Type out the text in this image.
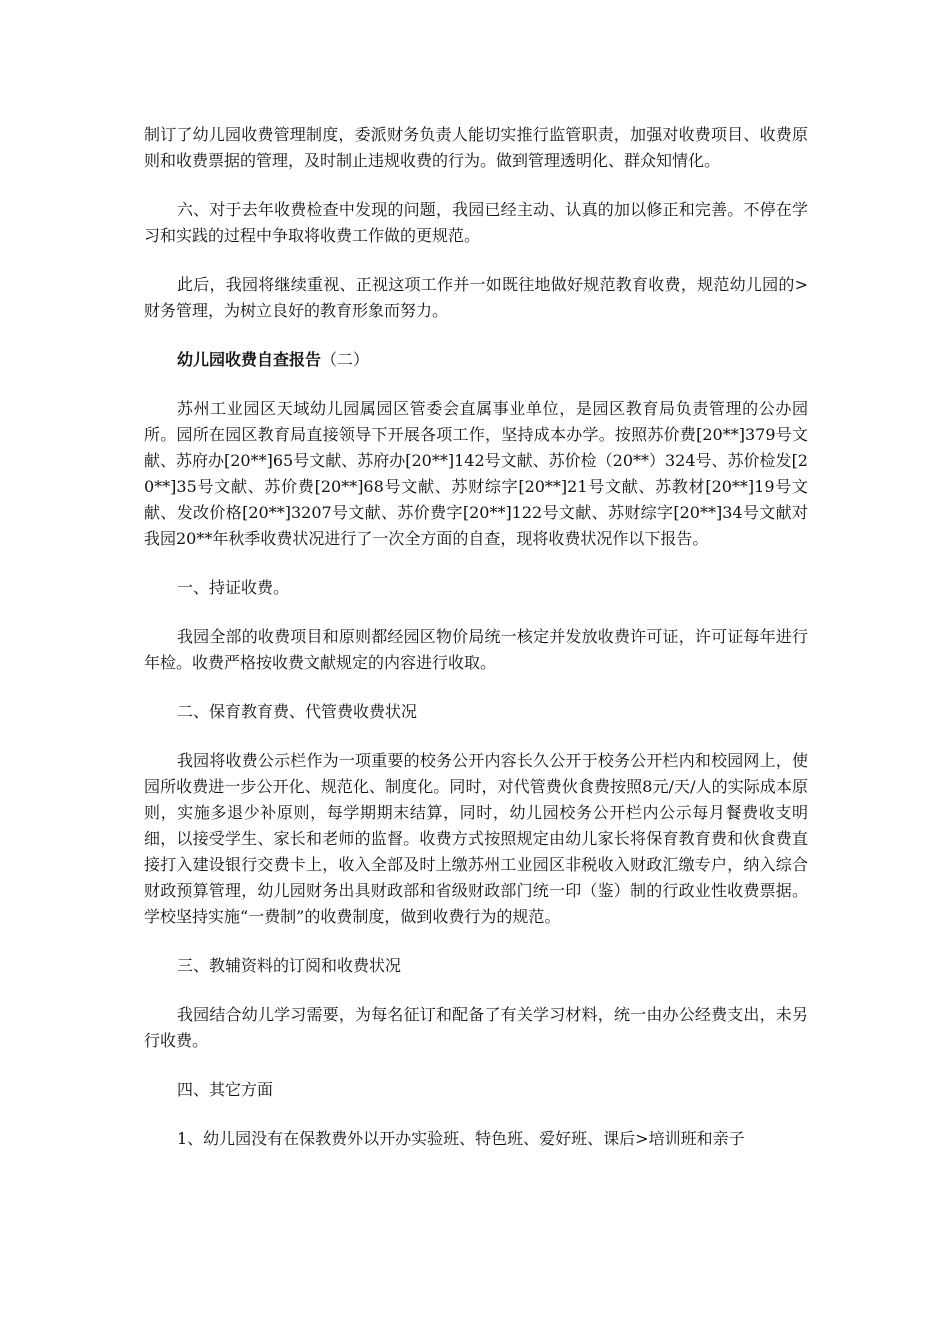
制订了幼儿园收费管理制度，委派财务负责人能切实推行监管职责，加强对收费项目、收费原则和收费票据的管理，及时制止违规收费的行为。做到管理透明化、群众知情化。

六、对于去年收费检查中发现的问题，我园已经主动、认真的加以修正和完善。不停在学习和实践的过程中争取将收费工作做的更规范。

此后，我园将继续重视、正视这项工作并一如既往地做好规范教育收费，规范幼儿园的>财务管理，为树立良好的教育形象而努力。

幼儿园收费自查报告（二）

苏州工业园区天域幼儿园属园区管委会直属事业单位，是园区教育局负责管理的公办园所。园所在园区教育局直接领导下开展各项工作，坚持成本办学。按照苏价费[20**]379号文献、苏府办[20**]65号文献、苏府办[20**]142号文献、苏价检（20**）324号、苏价检发[20**]35号文献、苏价费[20**]68号文献、苏财综字[20**]21号文献、苏教材[20**]19号文献、发改价格[20**]3207号文献、苏价费字[20**]122号文献、苏财综字[20**]34号文献对我园20**年秋季收费状况进行了一次全方面的自查，现将收费状况作以下报告。

一、持证收费。

我园全部的收费项目和原则都经园区物价局统一核定并发放收费许可证，许可证每年进行年检。收费严格按收费文献规定的内容进行收取。

二、保育教育费、代管费收费状况

我园将收费公示栏作为一项重要的校务公开内容长久公开于校务公开栏内和校园网上，使园所收费进一步公开化、规范化、制度化。同时，对代管费伙食费按照8元/天/人的实际成本原则，实施多退少补原则，每学期期末结算，同时，幼儿园校务公开栏内公示每月餐费收支明细，以接受学生、家长和老师的监督。收费方式按照规定由幼儿家长将保育教育费和伙食费直接打入建设银行交费卡上，收入全部及时上缴苏州工业园区非税收入财政汇缴专户，纳入综合财政预算管理，幼儿园财务出具财政部和省级财政部门统一印（鉴）制的行政业性收费票据。学校坚持实施“一费制”的收费制度，做到收费行为的规范。

三、教辅资料的订阅和收费状况

我园结合幼儿学习需要，为每名征订和配备了有关学习材料，统一由办公经费支出，未另行收费。

四、其它方面

1、幼儿园没有在保教费外以开办实验班、特色班、爱好班、课后>培训班和亲子
